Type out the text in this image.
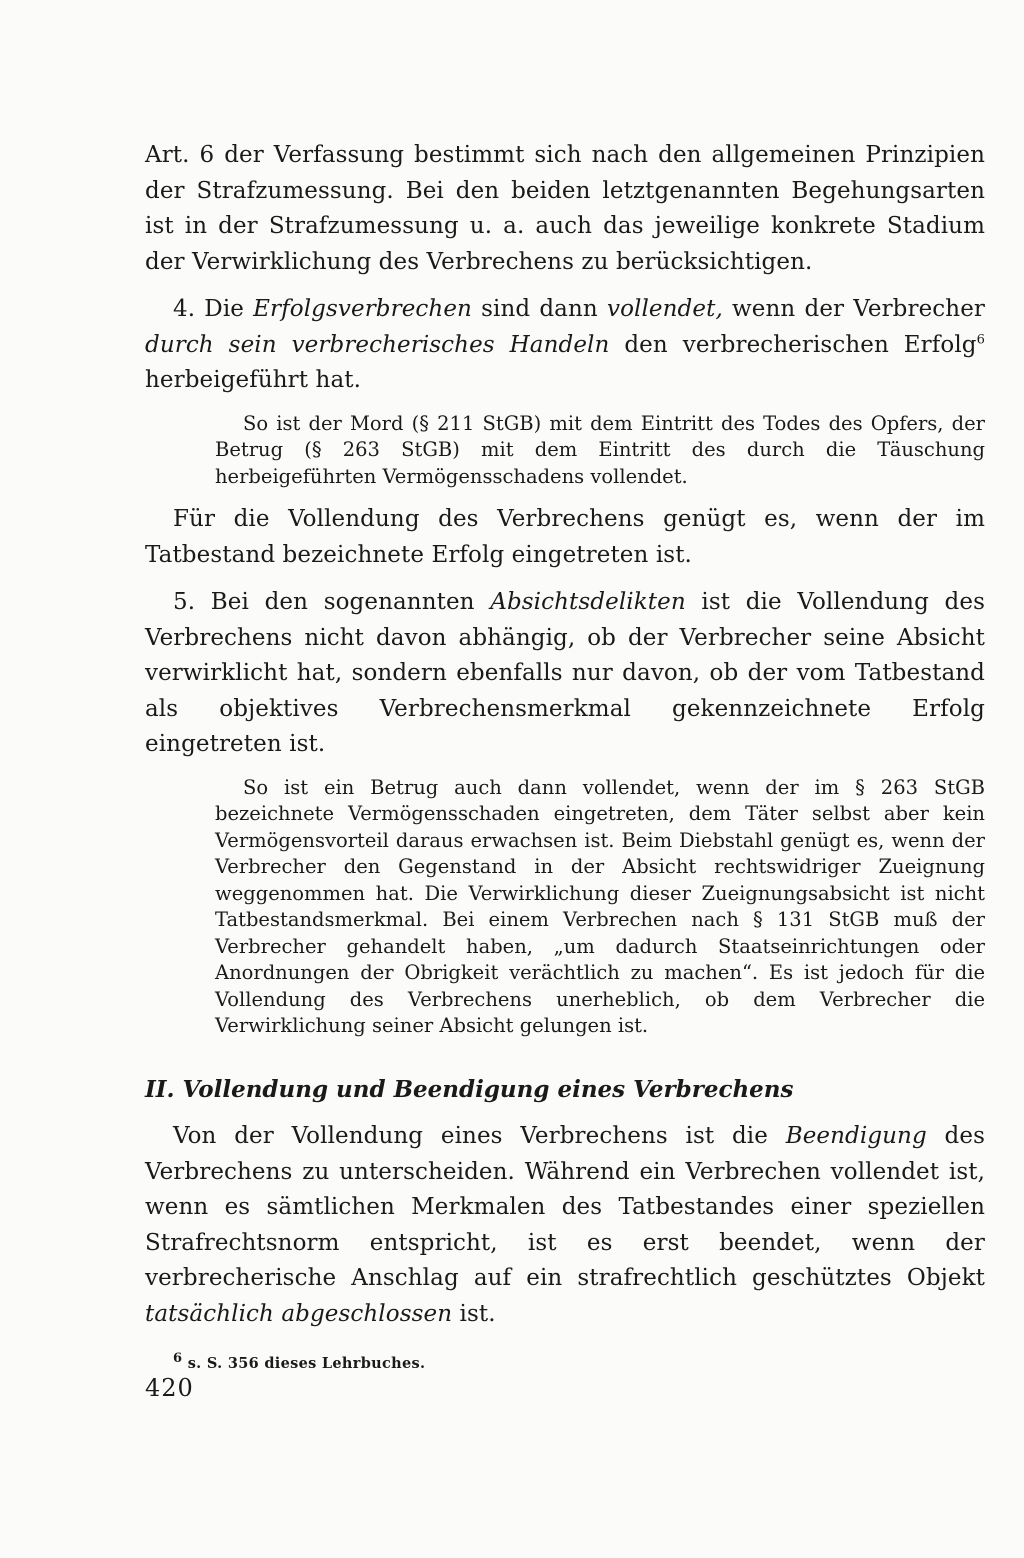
Art. 6 der Verfassung bestimmt sich nach den allgemeinen Prinzipien der Strafzumessung. Bei den beiden letztgenannten Begehungsarten ist in der Strafzumessung u. a. auch das jeweilige konkrete Stadium der Verwirklichung des Verbrechens zu berücksichtigen.

4. Die Erfolgsverbrechen sind dann vollendet, wenn der Verbrecher durch sein verbrecherisches Handeln den verbrecherischen Erfolg$^6$ herbeigeführt hat.

So ist der Mord (§ 211 StGB) mit dem Eintritt des Todes des Opfers, der Betrug (§ 263 StGB) mit dem Eintritt des durch die Täuschung herbeigeführten Vermögensschadens vollendet.

Für die Vollendung des Verbrechens genügt es, wenn der im Tatbestand bezeichnete Erfolg eingetreten ist.

5. Bei den sogenannten Absichtsdelikten ist die Vollendung des Verbrechens nicht davon abhängig, ob der Verbrecher seine Absicht verwirklicht hat, sondern ebenfalls nur davon, ob der vom Tatbestand als objektives Verbrechensmerkmal gekennzeichnete Erfolg eingetreten ist.

So ist ein Betrug auch dann vollendet, wenn der im § 263 StGB bezeichnete Vermögensschaden eingetreten, dem Täter selbst aber kein Vermögensvorteil daraus erwachsen ist. Beim Diebstahl genügt es, wenn der Verbrecher den Gegenstand in der Absicht rechtswidriger Zueignung weggenommen hat. Die Verwirklichung dieser Zueignungsabsicht ist nicht Tatbestandsmerkmal. Bei einem Verbrechen nach § 131 StGB muß der Verbrecher gehandelt haben, „um dadurch Staatseinrichtungen oder Anordnungen der Obrigkeit verächtlich zu machen“. Es ist jedoch für die Vollendung des Verbrechens unerheblich, ob dem Verbrecher die Verwirklichung seiner Absicht gelungen ist.

II. Vollendung und Beendigung eines Verbrechens

Von der Vollendung eines Verbrechens ist die Beendigung des Verbrechens zu unterscheiden. Während ein Verbrechen vollendet ist, wenn es sämtlichen Merkmalen des Tatbestandes einer speziellen Strafrechtsnorm entspricht, ist es erst beendet, wenn der verbrecherische Anschlag auf ein strafrechtlich geschütztes Objekt tatsächlich abgeschlossen ist.

$^6$ s. S. 356 dieses Lehrbuches.

420
